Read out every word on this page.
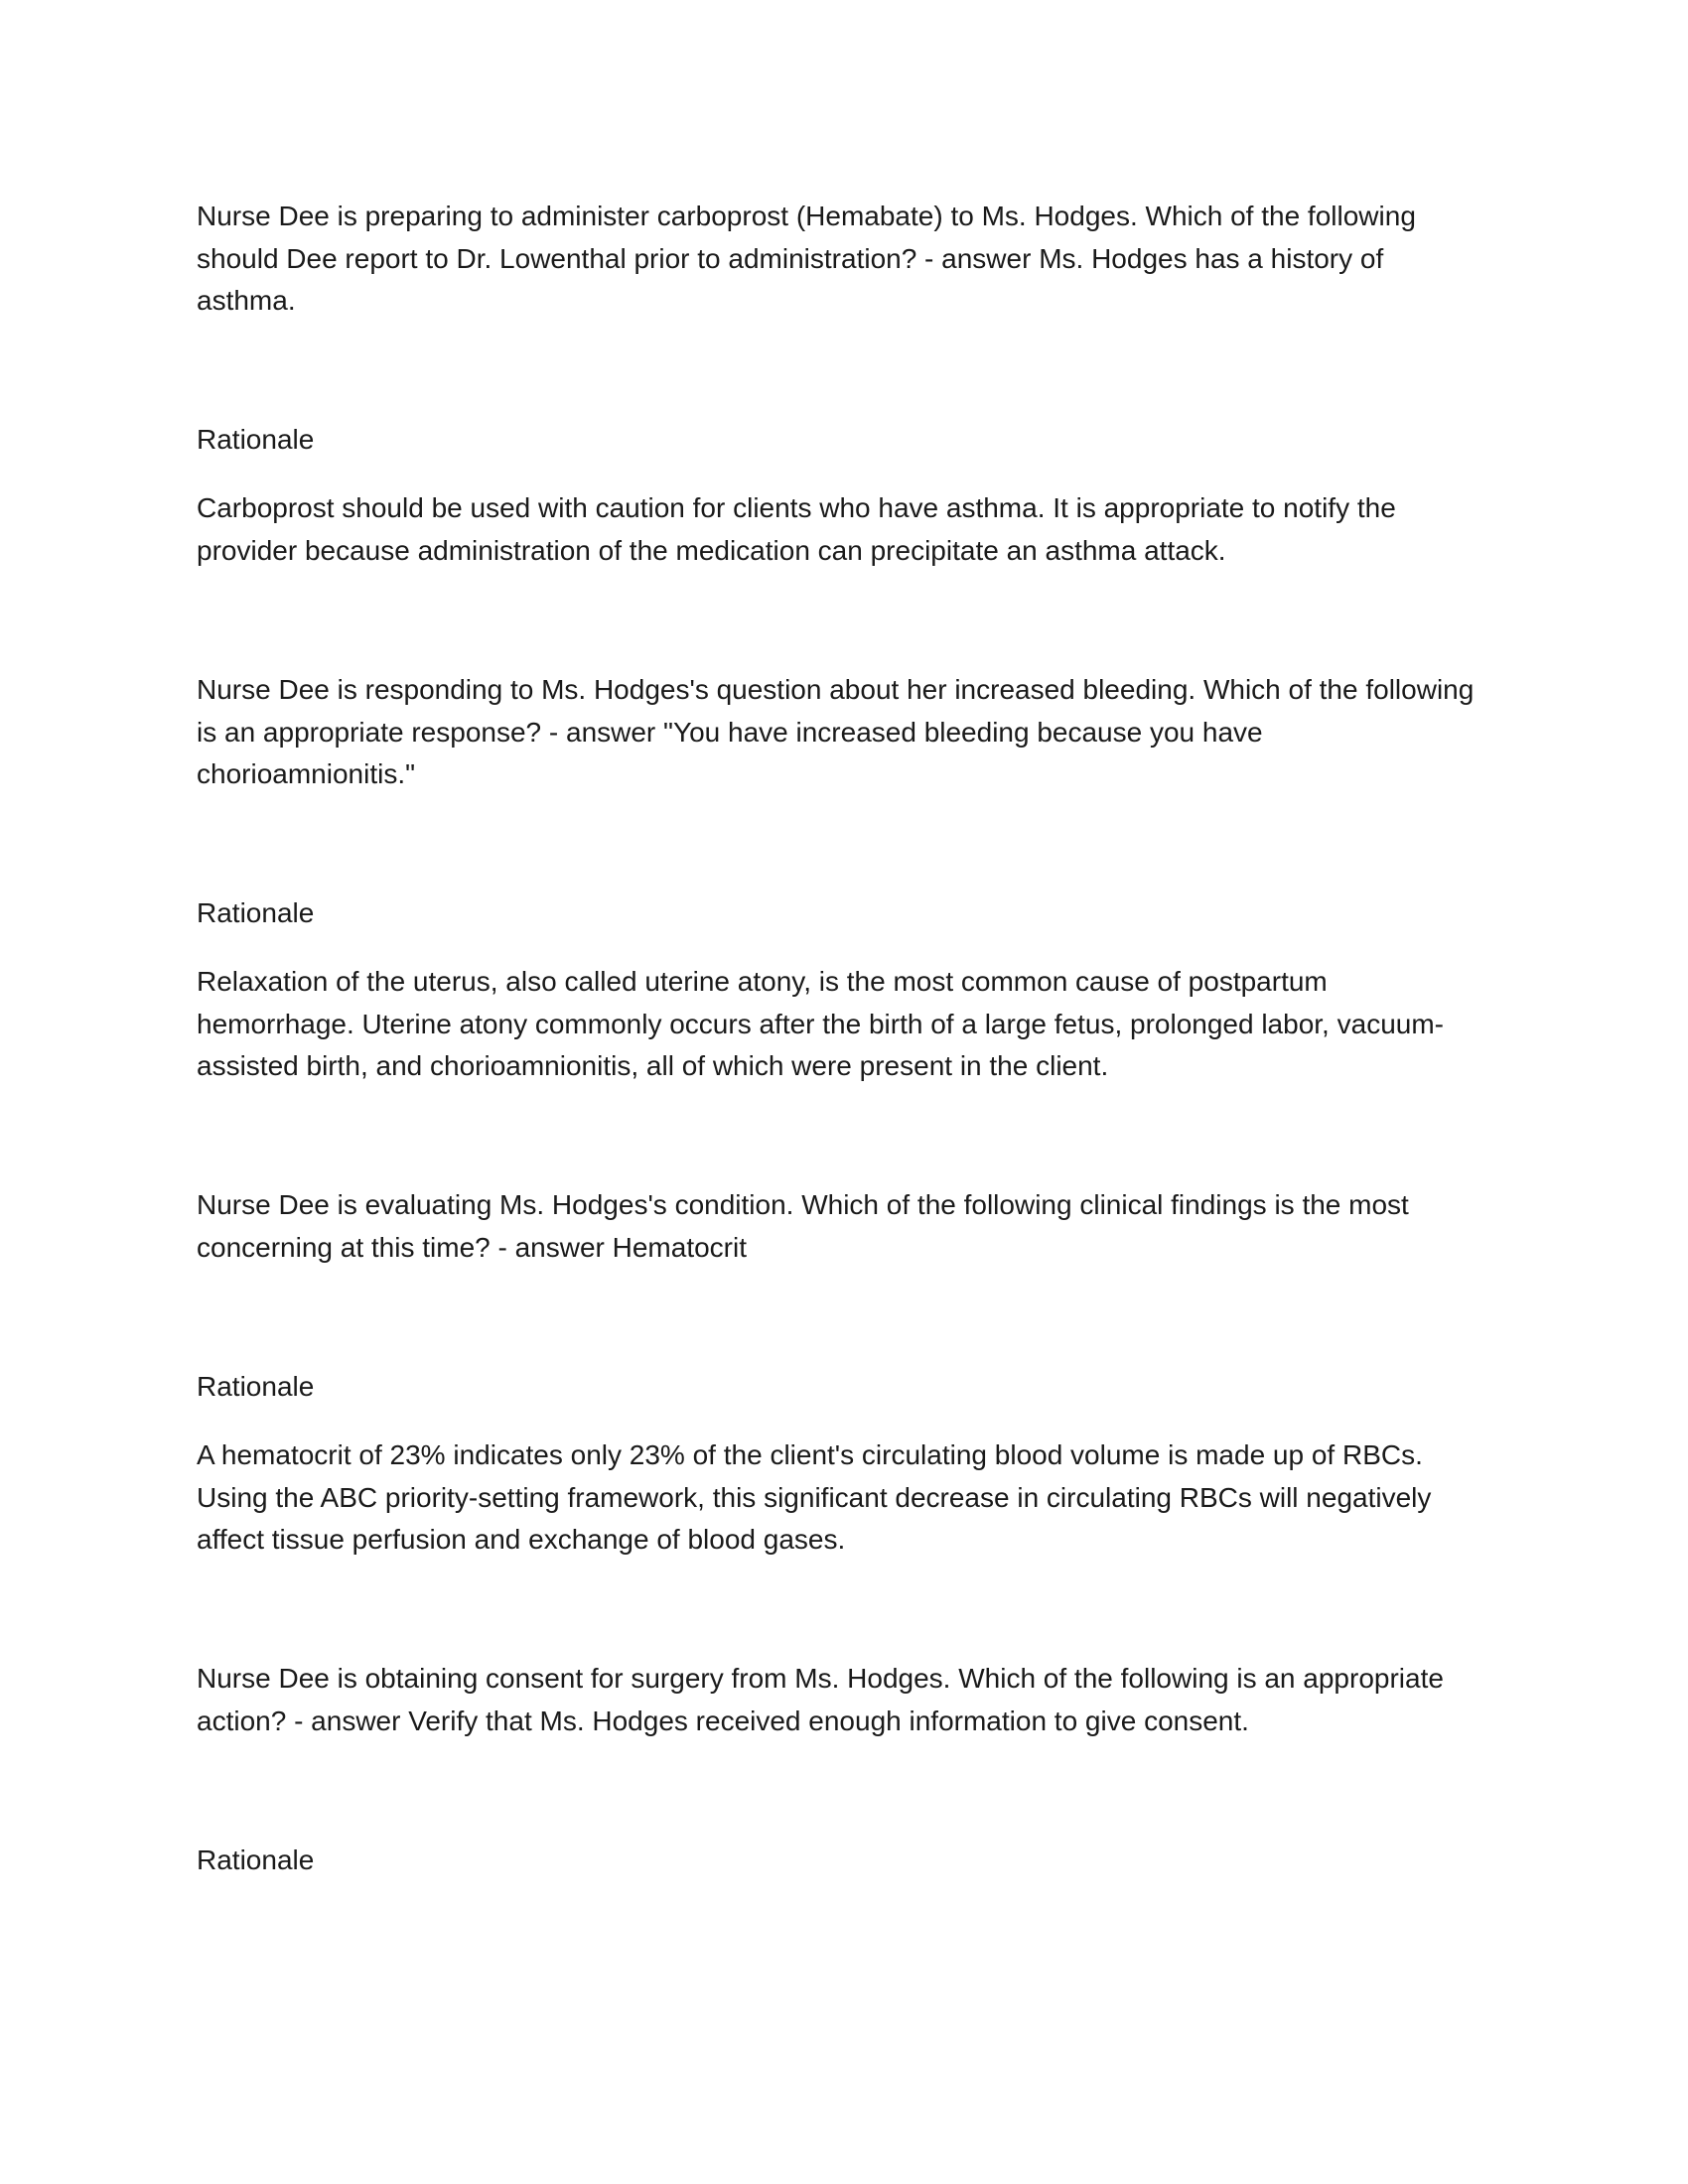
Nurse Dee is preparing to administer carboprost (Hemabate) to Ms. Hodges. Which of the following should Dee report to Dr. Lowenthal prior to administration? - answer Ms. Hodges has a history of asthma.

Rationale

Carboprost should be used with caution for clients who have asthma. It is appropriate to notify the provider because administration of the medication can precipitate an asthma attack.

Nurse Dee is responding to Ms. Hodges's question about her increased bleeding. Which of the following is an appropriate response? - answer "You have increased bleeding because you have chorioamnionitis."

Rationale

Relaxation of the uterus, also called uterine atony, is the most common cause of postpartum hemorrhage. Uterine atony commonly occurs after the birth of a large fetus, prolonged labor, vacuum-assisted birth, and chorioamnionitis, all of which were present in the client.

Nurse Dee is evaluating Ms. Hodges's condition. Which of the following clinical findings is the most concerning at this time? - answer Hematocrit

Rationale

A hematocrit of 23% indicates only 23% of the client's circulating blood volume is made up of RBCs. Using the ABC priority-setting framework, this significant decrease in circulating RBCs will negatively affect tissue perfusion and exchange of blood gases.

Nurse Dee is obtaining consent for surgery from Ms. Hodges. Which of the following is an appropriate action? - answer Verify that Ms. Hodges received enough information to give consent.

Rationale
